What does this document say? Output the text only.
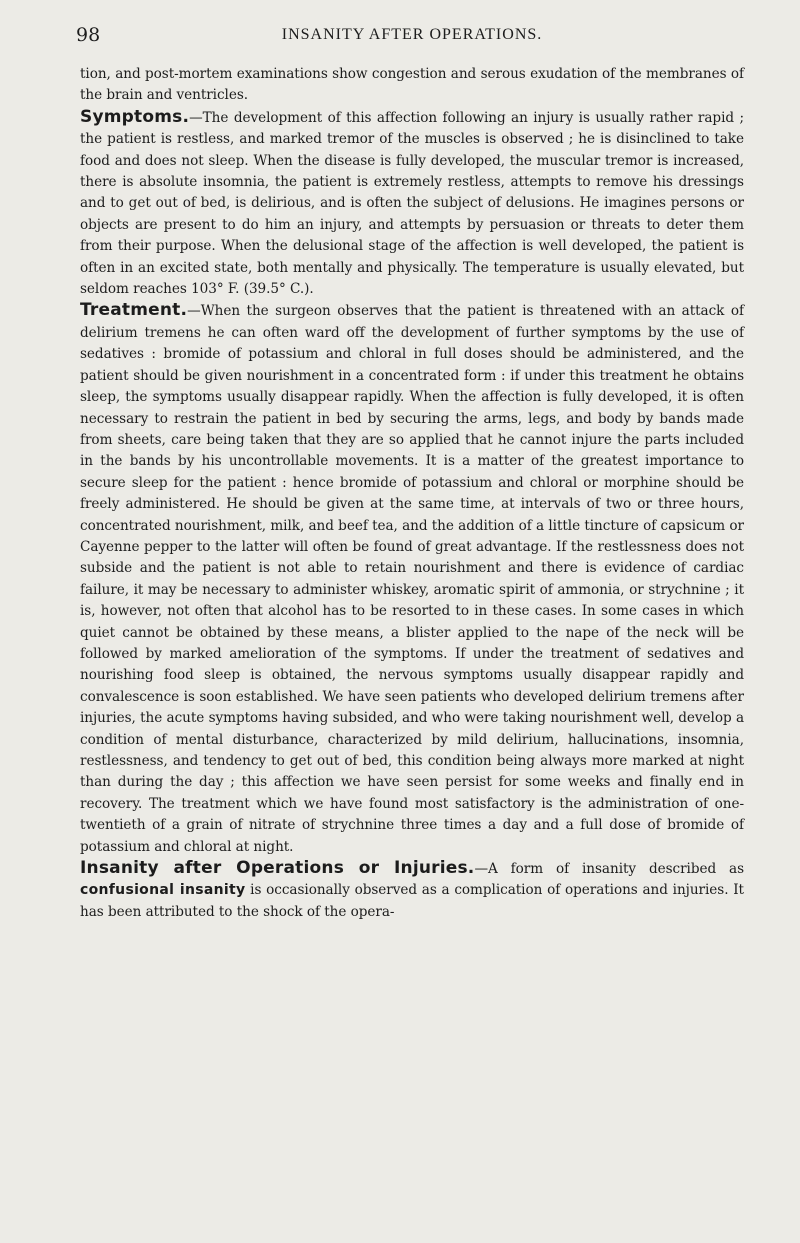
98	INSANITY AFTER OPERATIONS.

tion, and post-mortem examinations show congestion and serous exudation of the membranes of the brain and ventricles.

Symptoms.—The development of this affection following an injury is usually rather rapid ; the patient is restless, and marked tremor of the muscles is observed ; he is disinclined to take food and does not sleep. When the disease is fully developed, the muscular tremor is increased, there is absolute insomnia, the patient is extremely restless, attempts to remove his dressings and to get out of bed, is delirious, and is often the subject of delusions. He imagines persons or objects are present to do him an injury, and attempts by persuasion or threats to deter them from their purpose. When the delusional stage of the affection is well developed, the patient is often in an excited state, both mentally and physically. The temperature is usually elevated, but seldom reaches 103° F. (39.5° C.).

Treatment.—When the surgeon observes that the patient is threatened with an attack of delirium tremens he can often ward off the development of further symptoms by the use of sedatives : bromide of potassium and chloral in full doses should be administered, and the patient should be given nourishment in a concentrated form : if under this treatment he obtains sleep, the symptoms usually disappear rapidly. When the affection is fully developed, it is often necessary to restrain the patient in bed by securing the arms, legs, and body by bands made from sheets, care being taken that they are so applied that he cannot injure the parts included in the bands by his uncontrollable movements. It is a matter of the greatest importance to secure sleep for the patient : hence bromide of potassium and chloral or morphine should be freely administered. He should be given at the same time, at intervals of two or three hours, concentrated nourishment, milk, and beef tea, and the addition of a little tincture of capsicum or Cayenne pepper to the latter will often be found of great advantage. If the restlessness does not subside and the patient is not able to retain nourishment and there is evidence of cardiac failure, it may be necessary to administer whiskey, aromatic spirit of ammonia, or strychnine ; it is, however, not often that alcohol has to be resorted to in these cases. In some cases in which quiet cannot be obtained by these means, a blister applied to the nape of the neck will be followed by marked amelioration of the symptoms. If under the treatment of sedatives and nourishing food sleep is obtained, the nervous symptoms usually disappear rapidly and convalescence is soon established. We have seen patients who developed delirium tremens after injuries, the acute symptoms having subsided, and who were taking nourishment well, develop a condition of mental disturbance, characterized by mild delirium, hallucinations, insomnia, restlessness, and tendency to get out of bed, this condition being always more marked at night than during the day ; this affection we have seen persist for some weeks and finally end in recovery. The treatment which we have found most satisfactory is the administration of one-twentieth of a grain of nitrate of strychnine three times a day and a full dose of bromide of potassium and chloral at night.

Insanity after Operations or Injuries.—A form of insanity described as confusional insanity is occasionally observed as a complication of operations and injuries. It has been attributed to the shock of the opera-
